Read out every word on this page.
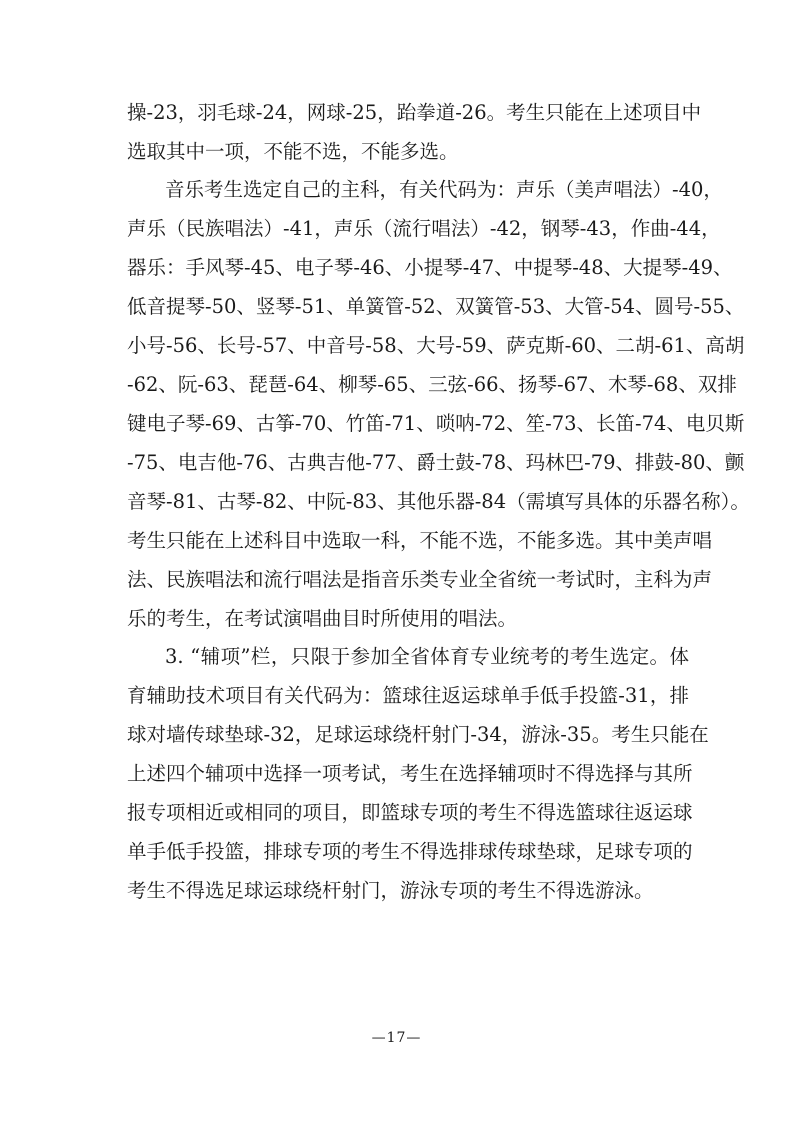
操-23，羽毛球-24，网球-25，跆拳道-26。考生只能在上述项目中
选取其中一项，不能不选，不能多选。
音乐考生选定自己的主科，有关代码为：声乐（美声唱法）-40，
声乐（民族唱法）-41，声乐（流行唱法）-42，钢琴-43，作曲-44，
器乐：手风琴-45、电子琴-46、小提琴-47、中提琴-48、大提琴-49、
低音提琴-50、竖琴-51、单簧管-52、双簧管-53、大管-54、圆号-55、
小号-56、长号-57、中音号-58、大号-59、萨克斯-60、二胡-61、高胡
-62、阮-63、琵琶-64、柳琴-65、三弦-66、扬琴-67、木琴-68、双排
键电子琴-69、古筝-70、竹笛-71、唢呐-72、笙-73、长笛-74、电贝斯
-75、电吉他-76、古典吉他-77、爵士鼓-78、玛林巴-79、排鼓-80、颤
音琴-81、古琴-82、中阮-83、其他乐器-84（需填写具体的乐器名称）。
考生只能在上述科目中选取一科，不能不选，不能多选。其中美声唱
法、民族唱法和流行唱法是指音乐类专业全省统一考试时，主科为声
乐的考生，在考试演唱曲目时所使用的唱法。
3. “辅项”栏，只限于参加全省体育专业统考的考生选定。体
育辅助技术项目有关代码为：篮球往返运球单手低手投篮-31，排
球对墙传球垫球-32，足球运球绕杆射门-34，游泳-35。考生只能在
上述四个辅项中选择一项考试，考生在选择辅项时不得选择与其所
报专项相近或相同的项目，即篮球专项的考生不得选篮球往返运球
单手低手投篮，排球专项的考生不得选排球传球垫球，足球专项的
考生不得选足球运球绕杆射门，游泳专项的考生不得选游泳。
—17—
